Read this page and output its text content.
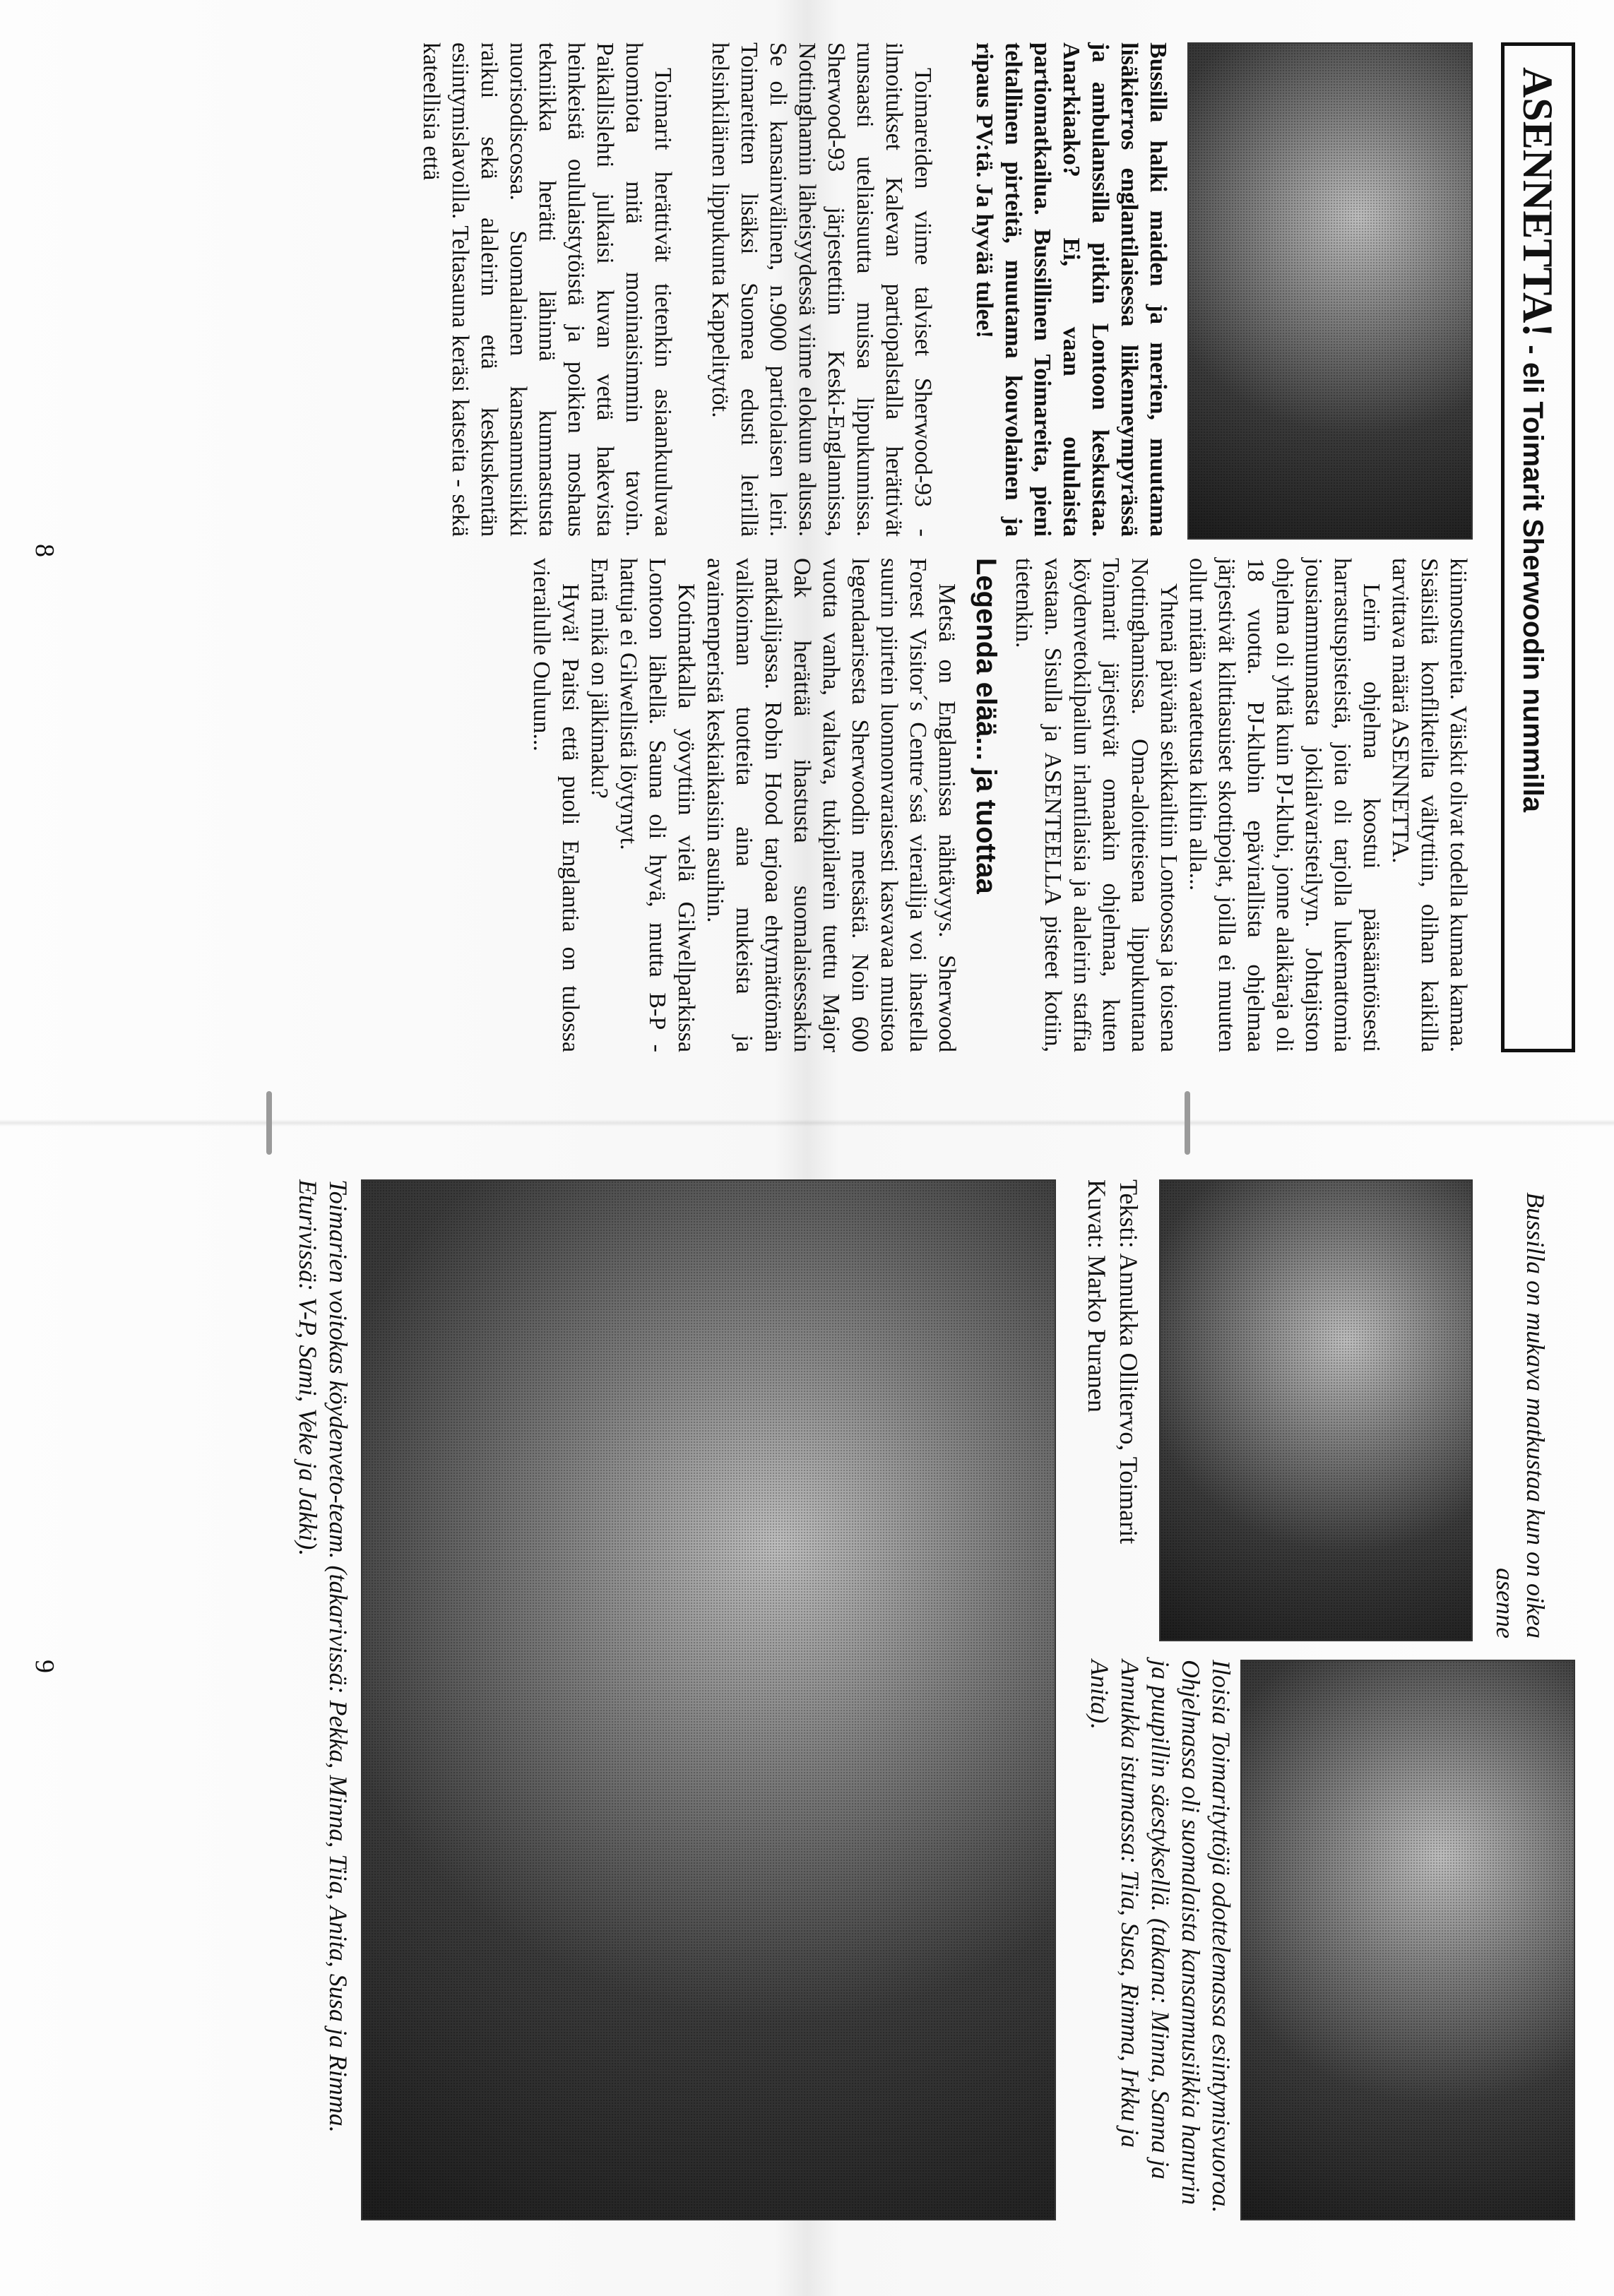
ASENNETTA! - eli Toimarit Sherwoodin nummilla

Bussilla halki maiden ja merien, muutama lisäkierros englantilaisessa liikenneympyrässä ja ambulanssilla pitkin Lontoon keskustaa. Anarkiaako? Ei, vaan oululaista partiomatkailua. Bussillinen Toimareita, pieni teltallinen pirteitä, muutama kouvolainen ja ripaus PV:tä. Ja hyvää tulee!

Toimareiden viime talviset Sherwood-93 -ilmoitukset Kalevan partiopalstalla herättivät runsaasti uteliaisuutta muissa lippukunnissa. Sherwood-93 järjestettiin Keski-Englannissa, Nottinghamin läheisyydessä viime elokuun alussa. Se oli kansainvälinen, n.9000 partiolaisen leiri. Toimareitten lisäksi Suomea edusti leirillä helsinkiläinen lippukunta Kappelitytöt.

Toimarit herättivät tietenkin asiaankuuluvaa huomiota mitä moninaisimmin tavoin. Paikallislehti julkaisi kuvan vettä hakevista heinkeistä oululaistytöistä ja poikien moshaus tekniikka herätti lähinnä kummastusta nuorisodiscossa. Suomalainen kansanmusiikki raikui sekä alaleirin että keskuskentän esiintymislavoilla. Teltasauna keräsi katseita - sekä kateellisia että

kiinnostuneita. Väiskit olivat todella kumaa kamaa. Sisäisiltä konflikteilta vältyttiin, olihan kaikilla tarvittava määrä ASENNETTA.

Leirin ohjelma koostui pääsääntöisesti harrastuspisteistä, joita oli tarjolla lukemattomia jousiammunnasta jokilaivaristeilyyn. Johtajiston ohjelma oli yhtä kuin PJ-klubi, jonne alaikäraja oli 18 vuotta. PJ-klubin epävirallista ohjelmaa järjestivät kilttiasuiset skottipojat, joilla ei muuten ollut mitään vaatetusta kiltin alla...

Yhtenä päivänä seikkailtiin Lontoossa ja toisena Nottinghamissa. Oma-aloitteisena lippukuntana Toimarit järjestivät omaakin ohjelmaa, kuten köydenvetokilpailun irlantilaisia ja alaleirin staffia vastaan. Sisulla ja ASENTEELLA pisteet kotiin, tietenkin.

Legenda elää... ja tuottaa

Metsä on Englannissa nähtävyys. Sherwood Forest Visitor´s Centre´ssä vierailija voi ihastella suurin piirtein luonnonvaraisesti kasvavaa muistoa legendaarisesta Sherwoodin metsästä. Noin 600 vuotta vanha, valtava, tukipilarein tuettu Major Oak herättää ihastusta suomalaisessakin matkailijassa. Robin Hood tarjoaa ehtymättömän valikoiman tuotteita aina mukeista ja avaimenperistä keskiaikaisiin asuihin.

Kotimatkalla yövyttiin vielä Gilwellparkissa Lontoon lähellä. Sauna oli hyvä, mutta B-P -hattuja ei Gilwellistä löytynyt.

Entä mikä on jälkimaku?

Hyvä! Paitsi että puoli Englantia on tulossa vierailulle Ouluun...

8
Bussilla on mukava matkustaa kun on oikea asenne
Teksti: Annukka Ollitervo, Toimarit
Kuvat: Marko Puranen
Iloisia Toimarityttöjä odottelemassa esiintymisvuoroa. Ohjelmassa oli suomalaista kansanmusiikkia hanurin ja puupillin säestyksellä. (takana: Minna, Sanna ja Annukka istumassa: Tiia, Susa, Rimma, Irkku ja Anita).
Toimarien voitokas köydenveto-team. (takarivissä: Pekka, Minna, Tiia, Anita, Susa ja Rimma. Eturivissä: V-P, Sami, Veke ja Jakki).
9
